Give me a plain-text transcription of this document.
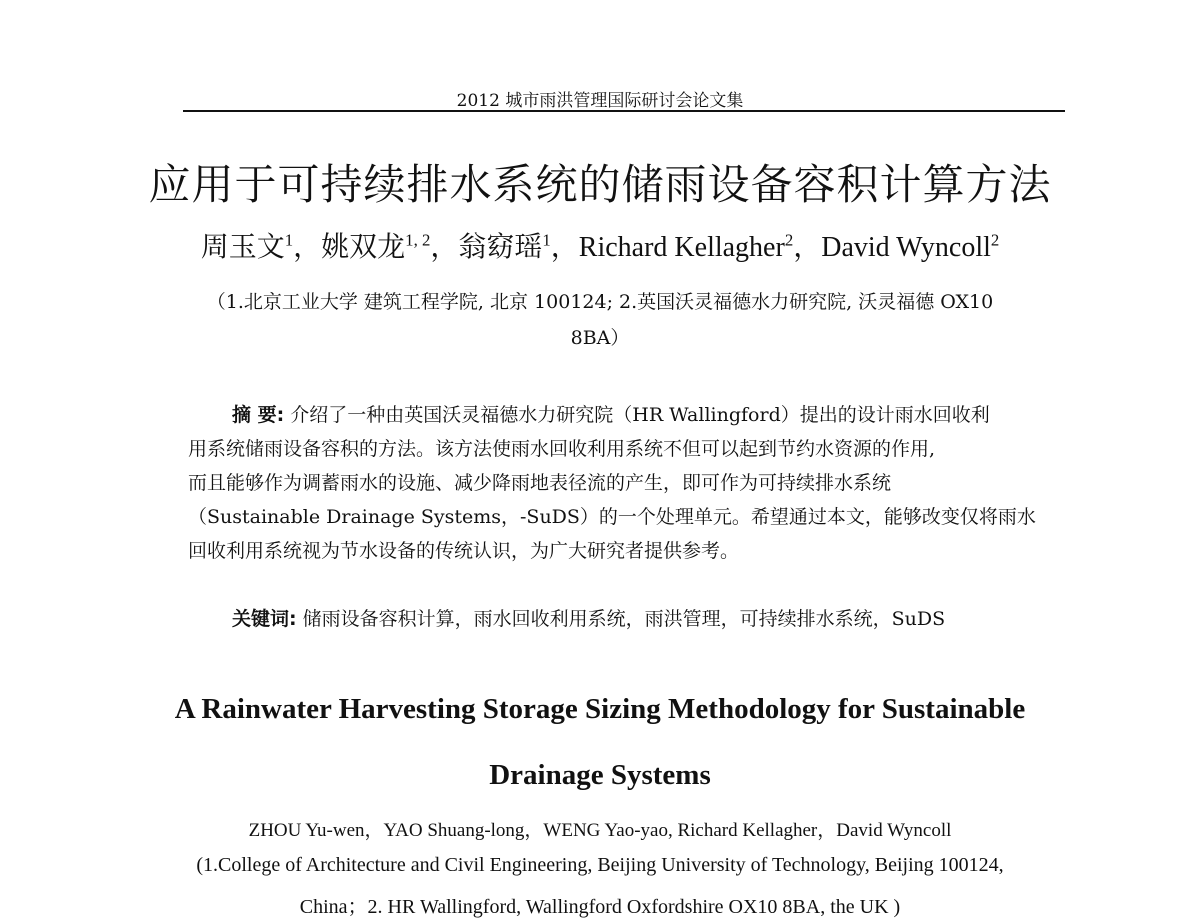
2012 城市雨洪管理国际研讨会论文集
应用于可持续排水系统的储雨设备容积计算方法
周玉文$^1$，姚双龙$^{1, 2}$，翁窈瑶$^1$，Richard Kellagher$^2$，David Wyncoll$^2$
（1.北京工业大学 建筑工程学院, 北京 100124; 2.英国沃灵福德水力研究院, 沃灵福德 OX10
8BA）
摘 要: 介绍了一种由英国沃灵福德水力研究院（HR Wallingford）提出的设计雨水回收利
用系统储雨设备容积的方法。该方法使雨水回收利用系统不但可以起到节约水资源的作用,
而且能够作为调蓄雨水的设施、减少降雨地表径流的产生，即可作为可持续排水系统
（Sustainable Drainage Systems，-SuDS）的一个处理单元。希望通过本文，能够改变仅将雨水
回收利用系统视为节水设备的传统认识，为广大研究者提供参考。
关键词: 储雨设备容积计算，雨水回收利用系统，雨洪管理，可持续排水系统，SuDS
A Rainwater Harvesting Storage Sizing Methodology for Sustainable
Drainage Systems
ZHOU Yu-wen，YAO Shuang-long，WENG Yao-yao, Richard Kellagher，David Wyncoll
(1.College of Architecture and Civil Engineering, Beijing University of Technology, Beijing 100124,
China；2. HR Wallingford, Wallingford Oxfordshire OX10 8BA, the UK )
